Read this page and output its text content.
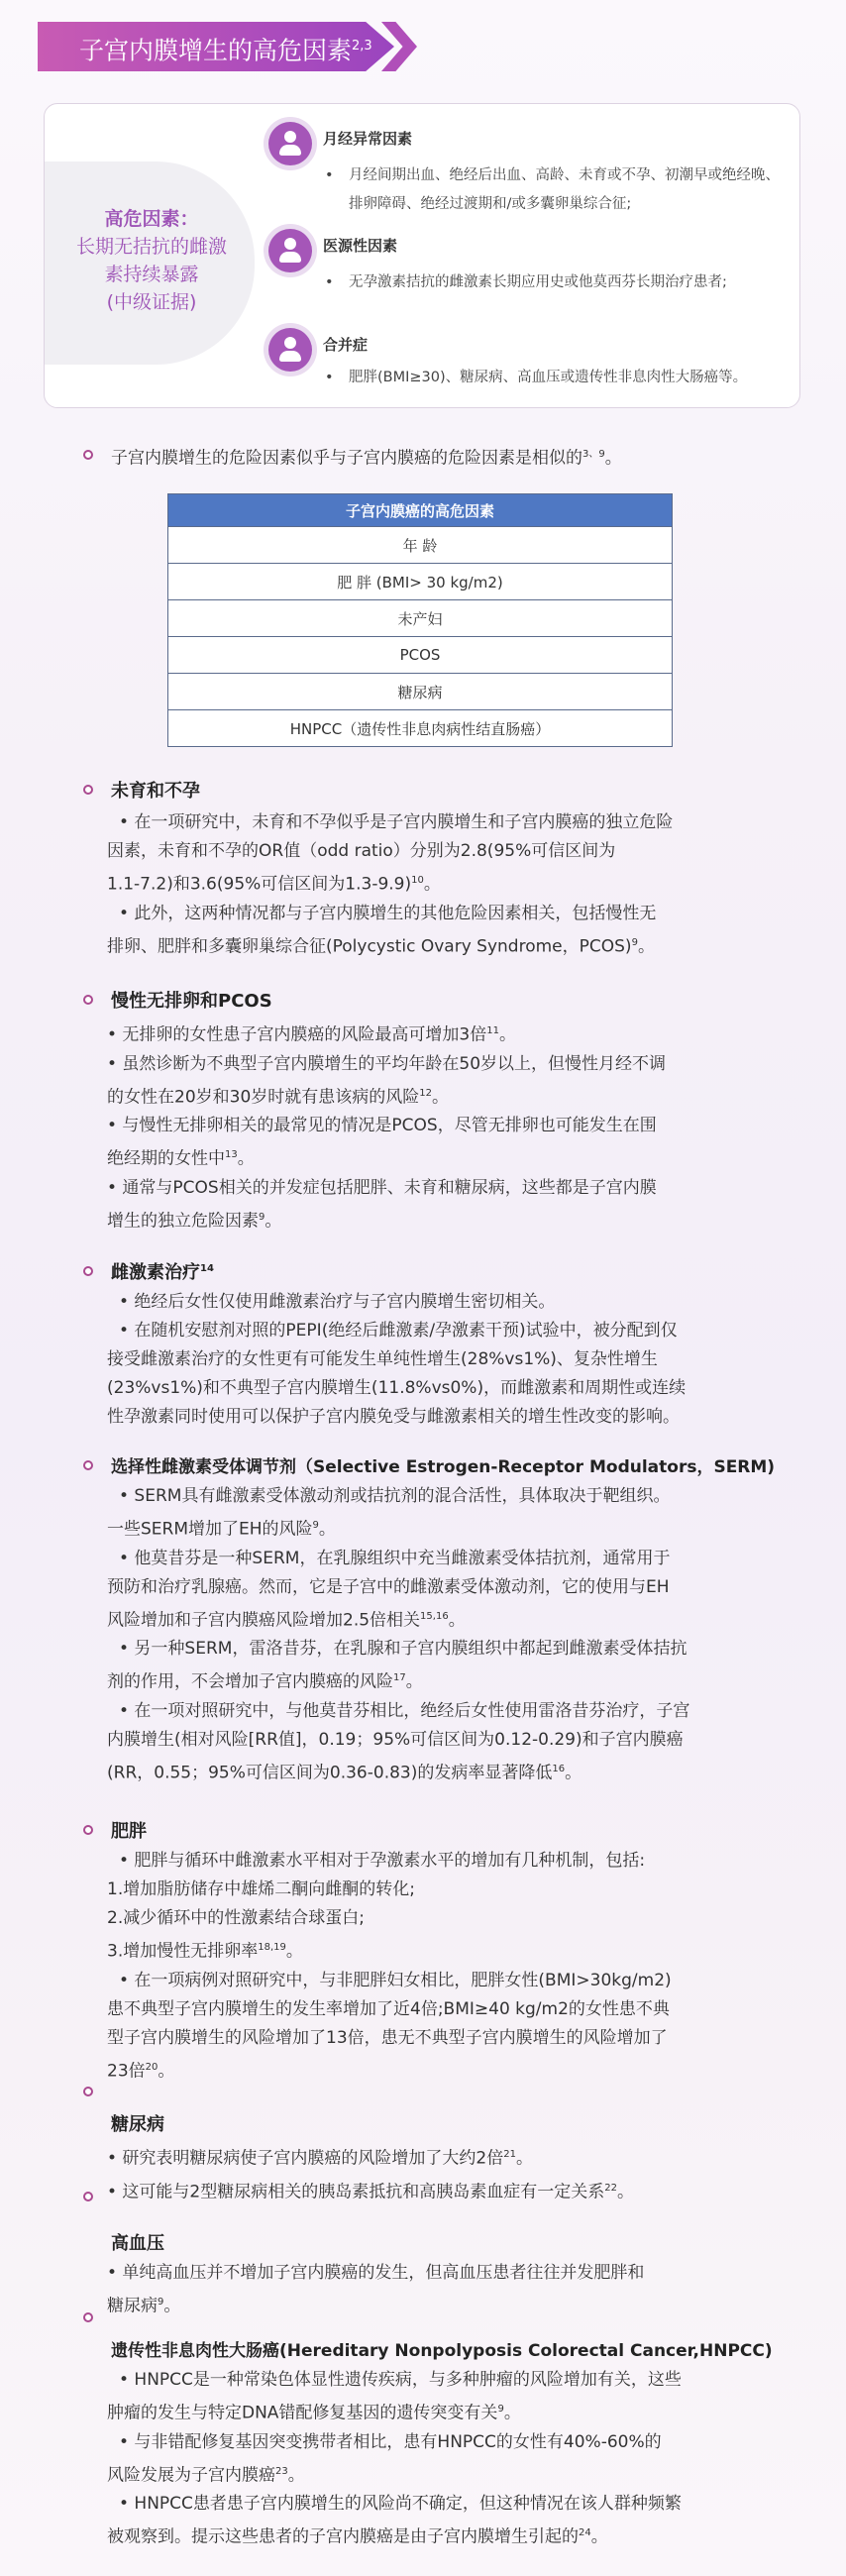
子宫内膜增生的高危因素$^{2,3}$
高危因素：
长期无拮抗的雌激
素持续暴露
(中级证据)
月经异常因素
• 月经间期出血、绝经后出血、高龄、未育或不孕、初潮早或绝经晚、排卵障碍、绝经过渡期和/或多囊卵巢综合征;
医源性因素
• 无孕激素拮抗的雌激素长期应用史或他莫西芬长期治疗患者;
合并症
• 肥胖(BMI≥30)、糖尿病、高血压或遗传性非息肉性大肠癌等。
子宫内膜增生的危险因素似乎与子宫内膜癌的危险因素是相似的$^{3、9}$。
子宫内膜癌的高危因素
年 龄
肥 胖 (BMI> 30 kg/m2)
未产妇
PCOS
糖尿病
HNPCC（遗传性非息肉病性结直肠癌）
未育和不孕
• 在一项研究中，未育和不孕似乎是子宫内膜增生和子宫内膜癌的独立危险
因素，未育和不孕的OR值（odd ratio）分别为2.8(95%可信区间为
1.1-7.2)和3.6(95%可信区间为1.3-9.9)$^{10}$。
• 此外，这两种情况都与子宫内膜增生的其他危险因素相关，包括慢性无
排卵、肥胖和多囊卵巢综合征(Polycystic Ovary Syndrome，PCOS)$^9$。
慢性无排卵和PCOS
• 无排卵的女性患子宫内膜癌的风险最高可增加3倍$^{11}$。
• 虽然诊断为不典型子宫内膜增生的平均年龄在50岁以上，但慢性月经不调
的女性在20岁和30岁时就有患该病的风险$^{12}$。
• 与慢性无排卵相关的最常见的情况是PCOS，尽管无排卵也可能发生在围
绝经期的女性中$^{13}$。
• 通常与PCOS相关的并发症包括肥胖、未育和糖尿病，这些都是子宫内膜
增生的独立危险因素$^9$。
雌激素治疗$^{14}$
• 绝经后女性仅使用雌激素治疗与子宫内膜增生密切相关。
• 在随机安慰剂对照的PEPI(绝经后雌激素/孕激素干预)试验中，被分配到仅
接受雌激素治疗的女性更有可能发生单纯性增生(28%vs1%)、复杂性增生
(23%vs1%)和不典型子宫内膜增生(11.8%vs0%)，而雌激素和周期性或连续
性孕激素同时使用可以保护子宫内膜免受与雌激素相关的增生性改变的影响。
选择性雌激素受体调节剂（Selective Estrogen-Receptor Modulators，SERM)
• SERM具有雌激素受体激动剂或拮抗剂的混合活性，具体取决于靶组织。
一些SERM增加了EH的风险$^9$。
• 他莫昔芬是一种SERM，在乳腺组织中充当雌激素受体拮抗剂，通常用于
预防和治疗乳腺癌。然而，它是子宫中的雌激素受体激动剂，它的使用与EH
风险增加和子宫内膜癌风险增加2.5倍相关$^{15,16}$。
• 另一种SERM，雷洛昔芬，在乳腺和子宫内膜组织中都起到雌激素受体拮抗
剂的作用，不会增加子宫内膜癌的风险$^{17}$。
• 在一项对照研究中，与他莫昔芬相比，绝经后女性使用雷洛昔芬治疗，子宫
内膜增生(相对风险[RR值]，0.19；95%可信区间为0.12-0.29)和子宫内膜癌
(RR，0.55；95%可信区间为0.36-0.83)的发病率显著降低$^{16}$。
肥胖
• 肥胖与循环中雌激素水平相对于孕激素水平的增加有几种机制，包括:
1.增加脂肪储存中雄烯二酮向雌酮的转化;
2.减少循环中的性激素结合球蛋白;
3.增加慢性无排卵率$^{18,19}$。
• 在一项病例对照研究中，与非肥胖妇女相比，肥胖女性(BMI>30kg/m2)
患不典型子宫内膜增生的发生率增加了近4倍;BMI≥40 kg/m2的女性患不典
型子宫内膜增生的风险增加了13倍，患无不典型子宫内膜增生的风险增加了
23倍$^{20}$。
糖尿病
• 研究表明糖尿病使子宫内膜癌的风险增加了大约2倍$^{21}$。
• 这可能与2型糖尿病相关的胰岛素抵抗和高胰岛素血症有一定关系$^{22}$。
高血压
• 单纯高血压并不增加子宫内膜癌的发生，但高血压患者往往并发肥胖和
糖尿病$^9$。
遗传性非息肉性大肠癌(Hereditary Nonpolyposis Colorectal Cancer,HNPCC)
• HNPCC是一种常染色体显性遗传疾病，与多种肿瘤的风险增加有关，这些
肿瘤的发生与特定DNA错配修复基因的遗传突变有关$^9$。
• 与非错配修复基因突变携带者相比，患有HNPCC的女性有40%-60%的
风险发展为子宫内膜癌$^{23}$。
• HNPCC患者患子宫内膜增生的风险尚不确定，但这种情况在该人群种频繁
被观察到。提示这些患者的子宫内膜癌是由子宫内膜增生引起的$^{24}$。
